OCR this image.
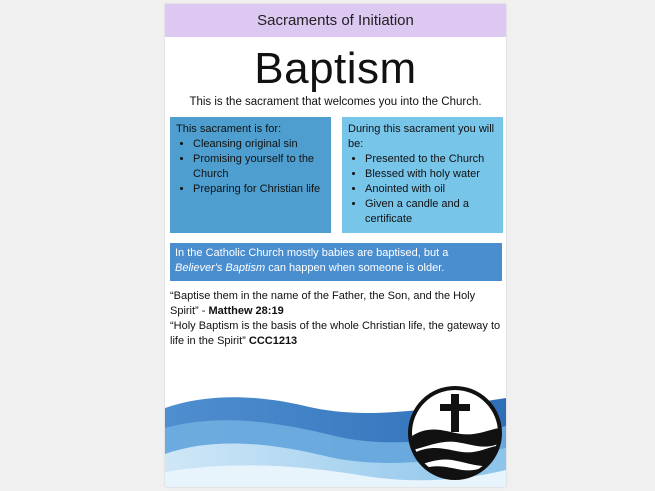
Sacraments of Initiation
Baptism
This is the sacrament that welcomes you into the Church.
This sacrament is for:
• Cleansing original sin
• Promising yourself to the Church
• Preparing for Christian life
During this sacrament you will be:
• Presented to the Church
• Blessed with holy water
• Anointed with oil
• Given a candle and a certificate
In the Catholic Church mostly babies are baptised, but a
Believer's Baptism can happen when someone is older.
“Baptise them in the name of the Father, the Son, and the Holy Spirit” - Matthew 28:19
“Holy Baptism is the basis of the whole Christian life, the gateway to life in the Spirit” CCC1213
